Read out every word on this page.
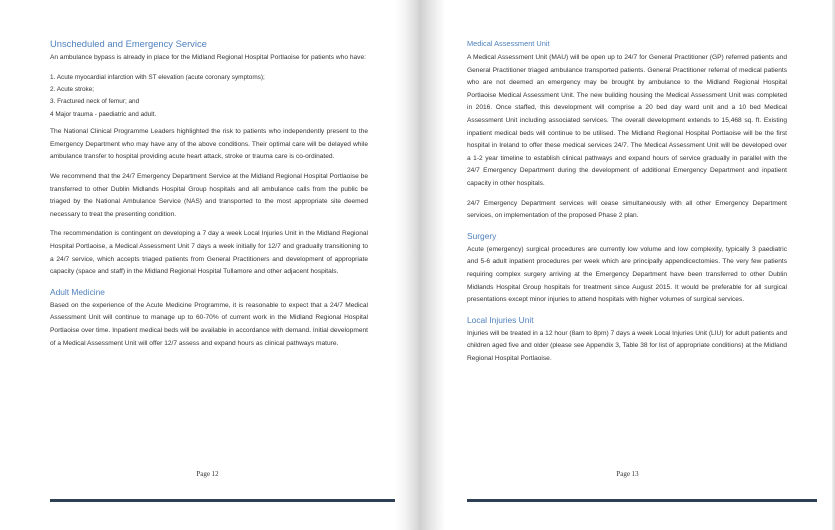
Unscheduled and Emergency Service

An ambulance bypass is already in place for the Midland Regional Hospital Portlaoise for patients who have:

1. Acute myocardial infarction with ST elevation (acute coronary symptoms);
2. Acute stroke;
3. Fractured neck of femur; and
4 Major trauma - paediatric and adult.

The National Clinical Programme Leaders highlighted the risk to patients who independently present to the Emergency Department who may have any of the above conditions. Their optimal care will be delayed while ambulance transfer to hospital providing acute heart attack, stroke or trauma care is co-ordinated.

We recommend that the 24/7 Emergency Department Service at the Midland Regional Hospital Portlaoise be transferred to other Dublin Midlands Hospital Group hospitals and all ambulance calls from the public be triaged by the National Ambulance Service (NAS) and transported to the most appropriate site deemed necessary to treat the presenting condition.

The recommendation is contingent on developing a 7 day a week Local Injuries Unit in the Midland Regional Hospital Portlaoise, a Medical Assessment Unit 7 days a week initially for 12/7 and gradually transitioning to a 24/7 service, which accepts triaged patients from General Practitioners and development of appropriate capacity (space and staff) in the Midland Regional Hospital Tullamore and other adjacent hospitals.

Adult Medicine

Based on the experience of the Acute Medicine Programme, it is reasonable to expect that a 24/7 Medical Assessment Unit will continue to manage up to 60-70% of current work in the Midland Regional Hospital Portlaoise over time. Inpatient medical beds will be available in accordance with demand. Initial development of a Medical Assessment Unit will offer 12/7 assess and expand hours as clinical pathways mature.

Page 12
Medical Assessment Unit

A Medical Assessment Unit (MAU) will be open up to 24/7 for General Practitioner (GP) referred patients and General Practitioner triaged ambulance transported patients. General Practitioner referral of medical patients who are not deemed an emergency may be brought by ambulance to the Midland Regional Hospital Portlaoise Medical Assessment Unit. The new building housing the Medical Assessment Unit was completed in 2016. Once staffed, this development will comprise a 20 bed day ward unit and a 10 bed Medical Assessment Unit including associated services. The overall development extends to 15,468 sq. ft. Existing inpatient medical beds will continue to be utilised. The Midland Regional Hospital Portlaoise will be the first hospital in Ireland to offer these medical services 24/7. The Medical Assessment Unit will be developed over a 1-2 year timeline to establish clinical pathways and expand hours of service gradually in parallel with the 24/7 Emergency Department during the development of additional Emergency Department and inpatient capacity in other hospitals.

24/7 Emergency Department services will cease simultaneously with all other Emergency Department services, on implementation of the proposed Phase 2 plan.

Surgery

Acute (emergency) surgical procedures are currently low volume and low complexity, typically 3 paediatric and 5-6 adult inpatient procedures per week which are principally appendicectomies. The very few patients requiring complex surgery arriving at the Emergency Department have been transferred to other Dublin Midlands Hospital Group hospitals for treatment since August 2015. It would be preferable for all surgical presentations except minor injuries to attend hospitals with higher volumes of surgical services.

Local Injuries Unit

Injuries will be treated in a 12 hour (8am to 8pm) 7 days a week Local Injuries Unit (LIU) for adult patients and children aged five and older (please see Appendix 3, Table 38 for list of appropriate conditions) at the Midland Regional Hospital Portlaoise.

Page 13
